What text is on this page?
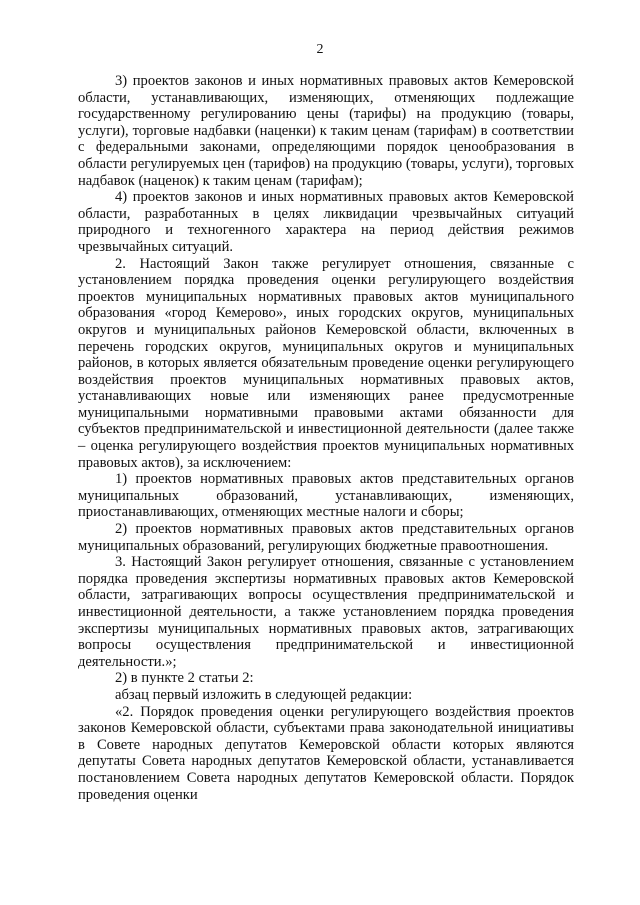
2

3) проектов законов и иных нормативных правовых актов Кемеровской области, устанавливающих, изменяющих, отменяющих подлежащие государственному регулированию цены (тарифы) на продукцию (товары, услуги), торговые надбавки (наценки) к таким ценам (тарифам) в соответствии с федеральными законами, определяющими порядок ценообразования в области регулируемых цен (тарифов) на продукцию (товары, услуги), торговых надбавок (наценок) к таким ценам (тарифам);

4) проектов законов и иных нормативных правовых актов Кемеровской области, разработанных в целях ликвидации чрезвычайных ситуаций природного и техногенного характера на период действия режимов чрезвычайных ситуаций.

2. Настоящий Закон также регулирует отношения, связанные с установлением порядка проведения оценки регулирующего воздействия проектов муниципальных нормативных правовых актов муниципального образования «город Кемерово», иных городских округов, муниципальных округов и муниципальных районов Кемеровской области, включенных в перечень городских округов, муниципальных округов и муниципальных районов, в которых является обязательным проведение оценки регулирующего воздействия проектов муниципальных нормативных правовых актов, устанавливающих новые или изменяющих ранее предусмотренные муниципальными нормативными правовыми актами обязанности для субъектов предпринимательской и инвестиционной деятельности (далее также – оценка регулирующего воздействия проектов муниципальных нормативных правовых актов), за исключением:

1) проектов нормативных правовых актов представительных органов муниципальных образований, устанавливающих, изменяющих, приостанавливающих, отменяющих местные налоги и сборы;

2) проектов нормативных правовых актов представительных органов муниципальных образований, регулирующих бюджетные правоотношения.

3. Настоящий Закон регулирует отношения, связанные с установлением порядка проведения экспертизы нормативных правовых актов Кемеровской области, затрагивающих вопросы осуществления предпринимательской и инвестиционной деятельности, а также установлением порядка проведения экспертизы муниципальных нормативных правовых актов, затрагивающих вопросы осуществления предпринимательской и инвестиционной деятельности.»;

2) в пункте 2 статьи 2:

абзац первый изложить в следующей редакции:

«2. Порядок проведения оценки регулирующего воздействия проектов законов Кемеровской области, субъектами права законодательной инициативы в Совете народных депутатов Кемеровской области которых являются депутаты Совета народных депутатов Кемеровской области, устанавливается постановлением Совета народных депутатов Кемеровской области. Порядок проведения оценки
